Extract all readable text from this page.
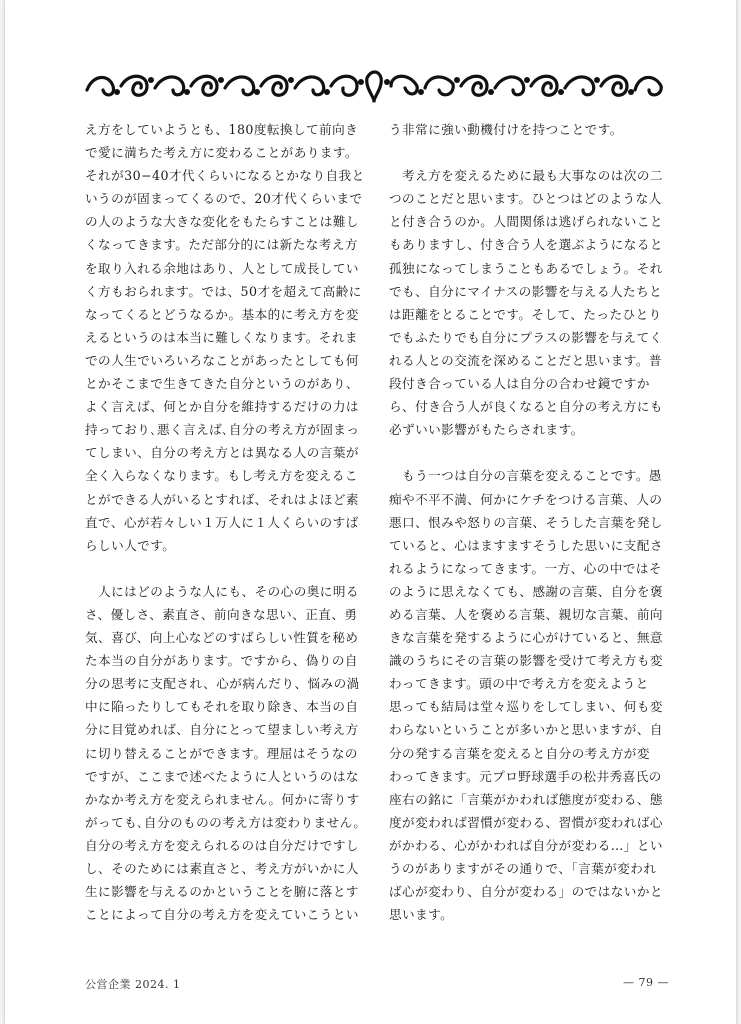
え方をしていようとも、180度転換して前向き
で愛に満ちた考え方に変わることがあります。
それが30−40才代くらいになるとかなり自我と
いうのが固まってくるので、20才代くらいまで
の人のような大きな変化をもたらすことは難し
くなってきます。ただ部分的には新たな考え方
を取り入れる余地はあり、人として成長してい
く方もおられます。では、50才を超えて高齢に
なってくるとどうなるか。基本的に考え方を変
えるというのは本当に難しくなります。それま
での人生でいろいろなことがあったとしても何
とかそこまで生きてきた自分というのがあり、
よく言えば、何とか自分を維持するだけの力は
持っており､悪く言えば､自分の考え方が固まっ
てしまい、自分の考え方とは異なる人の言葉が
全く入らなくなります。もし考え方を変えるこ
とができる人がいるとすれば、それはよほど素
直で、心が若々しい１万人に１人くらいのすば
らしい人です。
　人にはどのような人にも、その心の奥に明る
さ、優しさ、素直さ、前向きな思い、正直、勇
気、喜び、向上心などのすばらしい性質を秘め
た本当の自分があります。ですから、偽りの自
分の思考に支配され、心が病んだり、悩みの渦
中に陥ったりしてもそれを取り除き、本当の自
分に目覚めれば、自分にとって望ましい考え方
に切り替えることができます。理屈はそうなの
ですが、ここまで述べたように人というのはな
かなか考え方を変えられません。何かに寄りす
がっても､自分のものの考え方は変わりません。
自分の考え方を変えられるのは自分だけですし
し、そのためには素直さと、考え方がいかに人
生に影響を与えるのかということを腑に落とす
ことによって自分の考え方を変えていこうとい
う非常に強い動機付けを持つことです。
　考え方を変えるために最も大事なのは次の二
つのことだと思います。ひとつはどのような人
と付き合うのか。人間関係は逃げられないこと
もありますし、付き合う人を選ぶようになると
孤独になってしまうこともあるでしょう。それ
でも、自分にマイナスの影響を与える人たちと
は距離をとることです。そして、たったひとり
でもふたりでも自分にプラスの影響を与えてく
れる人との交流を深めることだと思います。普
段付き合っている人は自分の合わせ鏡ですか
ら、付き合う人が良くなると自分の考え方にも
必ずいい影響がもたらされます。
　もう一つは自分の言葉を変えることです。愚
痴や不平不満、何かにケチをつける言葉、人の
悪口、恨みや怒りの言葉、そうした言葉を発し
ていると、心はますますそうした思いに支配さ
れるようになってきます。一方、心の中ではそ
のように思えなくても、感謝の言葉、自分を褒
める言葉、人を褒める言葉、親切な言葉、前向
きな言葉を発するように心がけていると、無意
識のうちにその言葉の影響を受けて考え方も変
わってきます。頭の中で考え方を変えようと
思っても結局は堂々巡りをしてしまい、何も変
わらないということが多いかと思いますが、自
分の発する言葉を変えると自分の考え方が変
わってきます。元プロ野球選手の松井秀喜氏の
座右の銘に「言葉がかわれば態度が変わる、態
度が変われば習慣が変わる、習慣が変われば心
がかわる、心がかわれば自分が変わる…」とい
うのがありますがその通りで、「言葉が変われ
ば心が変わり、自分が変わる」のではないかと
思います。
公営企業 2024. 1	— 79 —
